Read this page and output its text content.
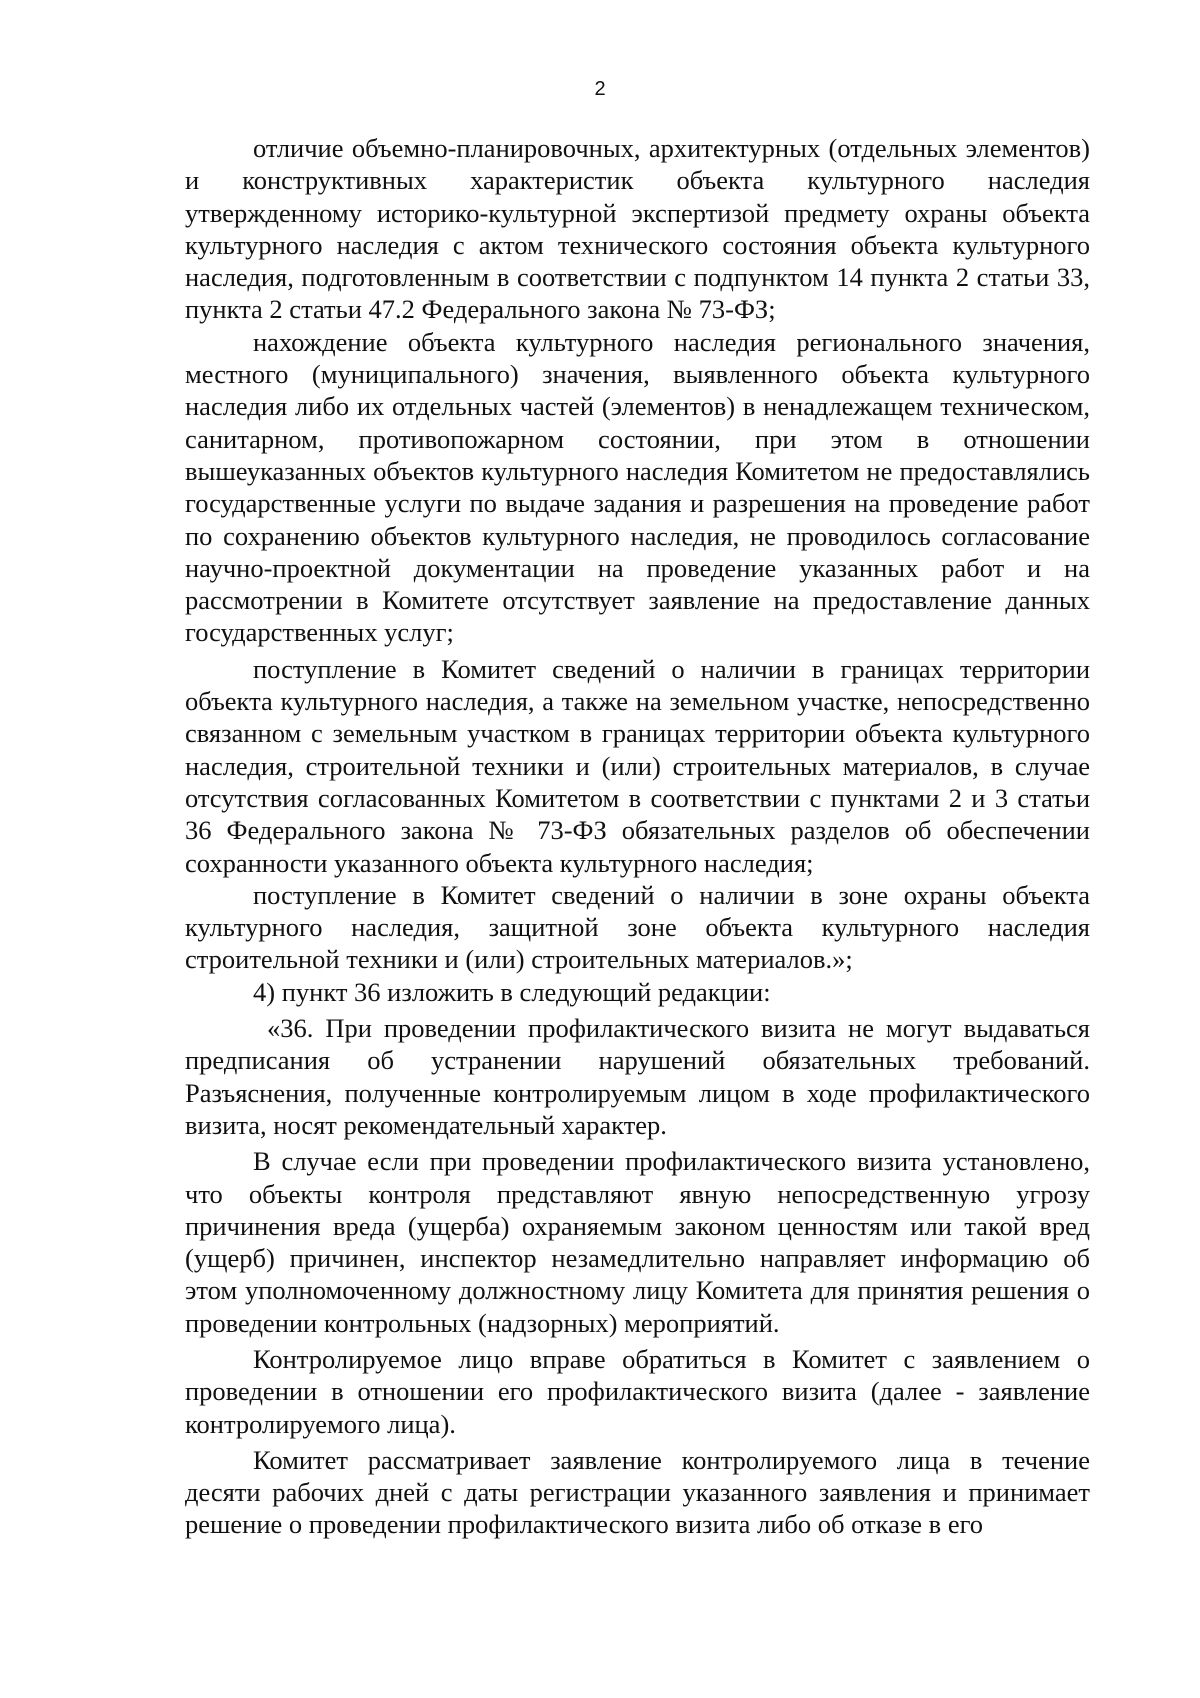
2

отличие объемно-планировочных, архитектурных (отдельных элементов) и конструктивных характеристик объекта культурного наследия утвержденному историко-культурной экспертизой предмету охраны объекта культурного наследия с актом технического состояния объекта культурного наследия, подготовленным в соответствии с подпунктом 14 пункта 2 статьи 33, пункта 2 статьи 47.2 Федерального закона № 73-ФЗ;

нахождение объекта культурного наследия регионального значения, местного (муниципального) значения, выявленного объекта культурного наследия либо их отдельных частей (элементов) в ненадлежащем техническом, санитарном, противопожарном состоянии, при этом в отношении вышеуказанных объектов культурного наследия Комитетом не предоставлялись государственные услуги по выдаче задания и разрешения на проведение работ по сохранению объектов культурного наследия, не проводилось согласование научно-проектной документации на проведение указанных работ и на рассмотрении в Комитете отсутствует заявление на предоставление данных государственных услуг;

поступление в Комитет сведений о наличии в границах территории объекта культурного наследия, а также на земельном участке, непосредственно связанном с земельным участком в границах территории объекта культурного наследия, строительной техники и (или) строительных материалов, в случае отсутствия согласованных Комитетом в соответствии с пунктами 2 и 3 статьи 36 Федерального закона № 73-ФЗ обязательных разделов об обеспечении сохранности указанного объекта культурного наследия;

поступление в Комитет сведений о наличии в зоне охраны объекта культурного наследия, защитной зоне объекта культурного наследия строительной техники и (или) строительных материалов.»;

4) пункт 36 изложить в следующий редакции:

«36. При проведении профилактического визита не могут выдаваться предписания об устранении нарушений обязательных требований. Разъяснения, полученные контролируемым лицом в ходе профилактического визита, носят рекомендательный характер.

В случае если при проведении профилактического визита установлено, что объекты контроля представляют явную непосредственную угрозу причинения вреда (ущерба) охраняемым законом ценностям или такой вред (ущерб) причинен, инспектор незамедлительно направляет информацию об этом уполномоченному должностному лицу Комитета для принятия решения о проведении контрольных (надзорных) мероприятий.

Контролируемое лицо вправе обратиться в Комитет с заявлением о проведении в отношении его профилактического визита (далее - заявление контролируемого лица).

Комитет рассматривает заявление контролируемого лица в течение десяти рабочих дней с даты регистрации указанного заявления и принимает решение о проведении профилактического визита либо об отказе в его
